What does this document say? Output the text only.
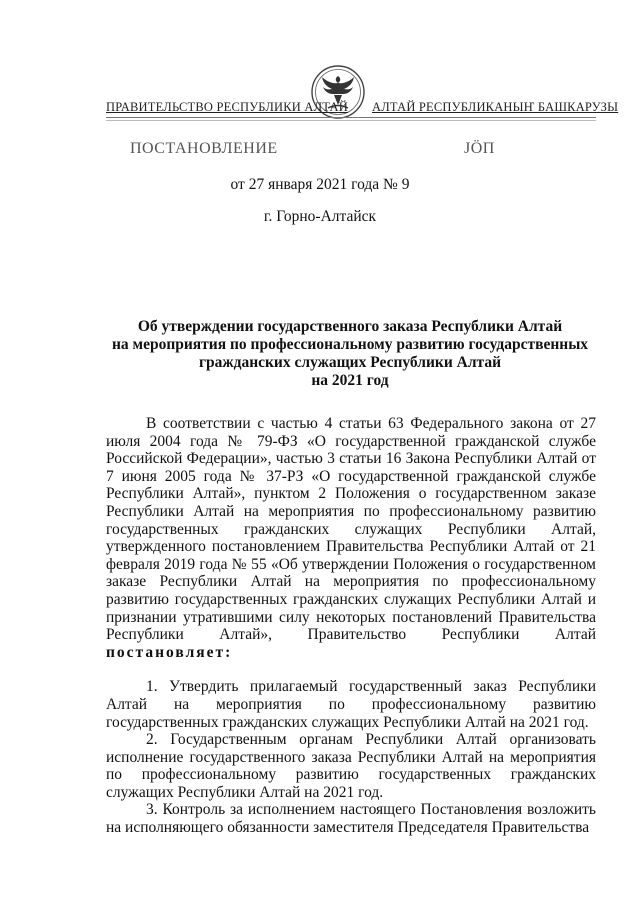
ПРАВИТЕЛЬСТВО РЕСПУБЛИКИ АЛТАЙ АЛТАЙ РЕСПУБЛИКАНЫҤ БАШКАРУЗЫ
ПОСТАНОВЛЕНИЕ	ЈӦП
от 27 января 2021 года № 9
г. Горно-Алтайск
Об утверждении государственного заказа Республики Алтай
на мероприятия по профессиональному развитию государственных
гражданских служащих Республики Алтай
на 2021 год

В соответствии с частью 4 статьи 63 Федерального закона от 27 июля 2004 года № 79-ФЗ «О государственной гражданской службе Российской Федерации», частью 3 статьи 16 Закона Республики Алтай от 7 июня 2005 года № 37-РЗ «О государственной гражданской службе Республики Алтай», пунктом 2 Положения о государственном заказе Республики Алтай на мероприятия по профессиональному развитию государственных гражданских служащих Республики Алтай, утвержденного постановлением Правительства Республики Алтай от 21 февраля 2019 года № 55 «Об утверждении Положения о государственном заказе Республики Алтай на мероприятия по профессиональному развитию государственных гражданских служащих Республики Алтай и признании утратившими силу некоторых постановлений Правительства Республики Алтай», Правительство Республики Алтай постановляет:

1. Утвердить прилагаемый государственный заказ Республики Алтай на мероприятия по профессиональному развитию государственных гражданских служащих Республики Алтай на 2021 год.

2. Государственным органам Республики Алтай организовать исполнение государственного заказа Республики Алтай на мероприятия по профессиональному развитию государственных гражданских служащих Республики Алтай на 2021 год.

3. Контроль за исполнением настоящего Постановления возложить на исполняющего обязанности заместителя Председателя Правительства
